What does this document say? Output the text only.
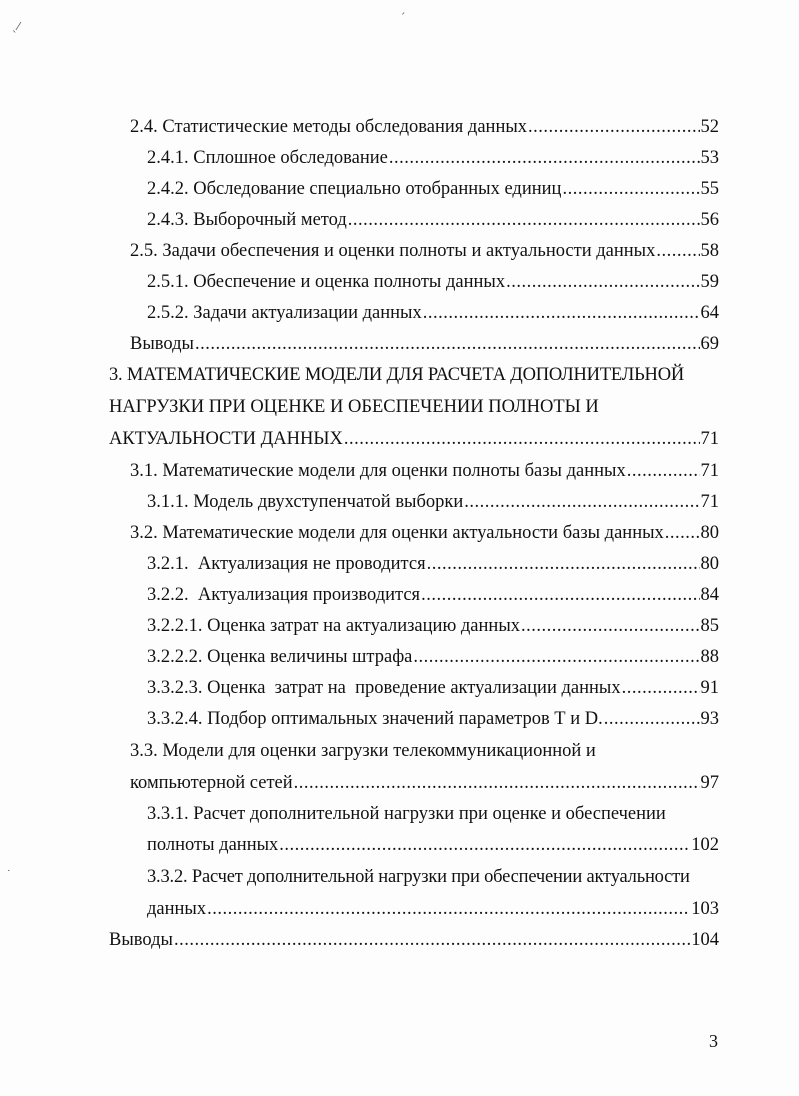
2.4. Статистические методы обследования данных .....	52
2.4.1. Сплошное обследование .....	53
2.4.2. Обследование специально отобранных единиц .....	55
2.4.3. Выборочный метод .....	56
2.5. Задачи обеспечения и оценки полноты и актуальности данных ..... 58
2.5.1. Обеспечение и оценка полноты данных .....	59
2.5.2. Задачи актуализации данных .....	64
Выводы .....	69
3. МАТЕМАТИЧЕСКИЕ МОДЕЛИ ДЛЯ РАСЧЕТА ДОПОЛНИТЕЛЬНОЙ
НАГРУЗКИ ПРИ ОЦЕНКЕ И ОБЕСПЕЧЕНИИ ПОЛНОТЫ И
АКТУАЛЬНОСТИ ДАННЫХ .....	71
3.1. Математические модели для оценки полноты базы данных .....	71
3.1.1. Модель двухступенчатой выборки .....	71
3.2. Математические модели для оценки актуальности базы данных ..... 80
3.2.1.  Актуализация не проводится .....	80
3.2.2.  Актуализация производится .....	84
3.2.2.1. Оценка затрат на актуализацию данных .....	85
3.2.2.2. Оценка величины штрафа .....	88
3.3.2.3. Оценка  затрат на  проведение актуализации данных .....	91
3.3.2.4. Подбор оптимальных значений параметров Т и D. .....	93
3.3. Модели для оценки загрузки телекоммуникационной и
компьютерной сетей .....	97
3.3.1. Расчет дополнительной нагрузки при оценке и обеспечении
полноты данных .....	102
3.3.2. Расчет дополнительной нагрузки при обеспечении актуальности
данных .....	103
Выводы .....	104
3
ˎ⁄
˙
ˏ
